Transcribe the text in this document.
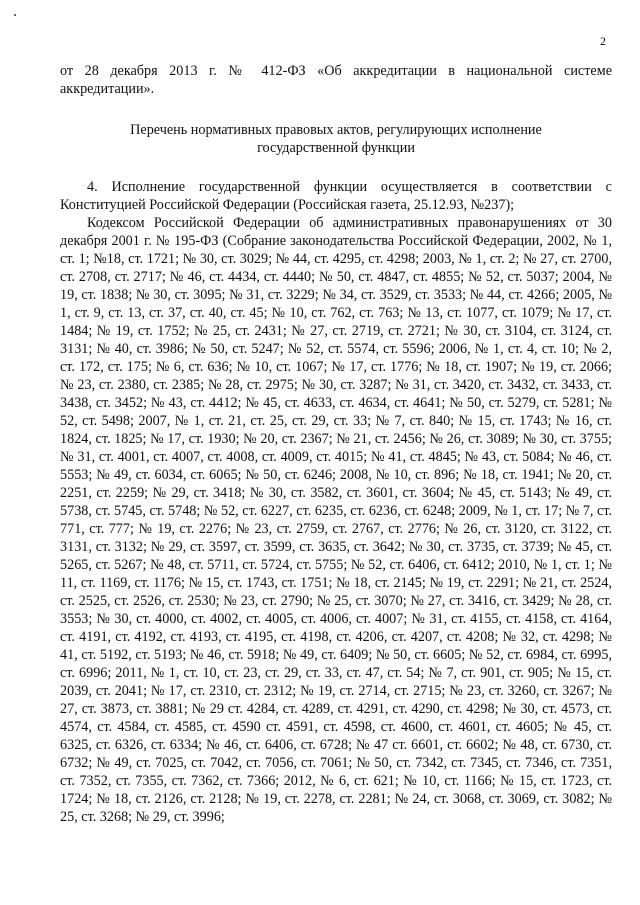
2

от 28 декабря 2013 г. № 412-ФЗ «Об аккредитации в национальной системе аккредитации».

Перечень нормативных правовых актов, регулирующих исполнение государственной функции

4. Исполнение государственной функции осуществляется в соответствии с Конституцией Российской Федерации (Российская газета, 25.12.93, №237);

Кодексом Российской Федерации об административных правонарушениях от 30 декабря 2001 г. № 195-ФЗ (Собрание законодательства Российской Федерации, 2002, № 1, ст. 1; №18, ст. 1721; № 30, ст. 3029; № 44, ст. 4295, ст. 4298; 2003, № 1, ст. 2; № 27, ст. 2700, ст. 2708, ст. 2717; № 46, ст. 4434, ст. 4440; № 50, ст. 4847, ст. 4855; № 52, ст. 5037; 2004, № 19, ст. 1838; № 30, ст. 3095; № 31, ст. 3229; № 34, ст. 3529, ст. 3533; № 44, ст. 4266; 2005, № 1, ст. 9, ст. 13, ст. 37, ст. 40, ст. 45; № 10, ст. 762, ст. 763; № 13, ст. 1077, ст. 1079; № 17, ст. 1484; № 19, ст. 1752; № 25, ст. 2431; № 27, ст. 2719, ст. 2721; № 30, ст. 3104, ст. 3124, ст. 3131; № 40, ст. 3986; № 50, ст. 5247; № 52, ст. 5574, ст. 5596; 2006, № 1, ст. 4, ст. 10; № 2, ст. 172, ст. 175; № 6, ст. 636; № 10, ст. 1067; № 17, ст. 1776; № 18, ст. 1907; № 19, ст. 2066; № 23, ст. 2380, ст. 2385; № 28, ст. 2975; № 30, ст. 3287; № 31, ст. 3420, ст. 3432, ст. 3433, ст. 3438, ст. 3452; № 43, ст. 4412; № 45, ст. 4633, ст. 4634, ст. 4641; № 50, ст. 5279, ст. 5281; № 52, ст. 5498; 2007, № 1, ст. 21, ст. 25, ст. 29, ст. 33; № 7, ст. 840; № 15, ст. 1743; № 16, ст. 1824, ст. 1825; № 17, ст. 1930; № 20, ст. 2367; № 21, ст. 2456; № 26, ст. 3089; № 30, ст. 3755; № 31, ст. 4001, ст. 4007, ст. 4008, ст. 4009, ст. 4015; № 41, ст. 4845; № 43, ст. 5084; № 46, ст. 5553; № 49, ст. 6034, ст. 6065; № 50, ст. 6246; 2008, № 10, ст. 896; № 18, ст. 1941; № 20, ст. 2251, ст. 2259; № 29, ст. 3418; № 30, ст. 3582, ст. 3601, ст. 3604; № 45, ст. 5143; № 49, ст. 5738, ст. 5745, ст. 5748; № 52, ст. 6227, ст. 6235, ст. 6236, ст. 6248; 2009, № 1, ст. 17; № 7, ст. 771, ст. 777; № 19, ст. 2276; № 23, ст. 2759, ст. 2767, ст. 2776; № 26, ст. 3120, ст. 3122, ст. 3131, ст. 3132; № 29, ст. 3597, ст. 3599, ст. 3635, ст. 3642; № 30, ст. 3735, ст. 3739; № 45, ст. 5265, ст. 5267; № 48, ст. 5711, ст. 5724, ст. 5755; № 52, ст. 6406, ст. 6412; 2010, № 1, ст. 1; № 11, ст. 1169, ст. 1176; № 15, ст. 1743, ст. 1751; № 18, ст. 2145; № 19, ст. 2291; № 21, ст. 2524, ст. 2525, ст. 2526, ст. 2530; № 23, ст. 2790; № 25, ст. 3070; № 27, ст. 3416, ст. 3429; № 28, ст. 3553; № 30, ст. 4000, ст. 4002, ст. 4005, ст. 4006, ст. 4007; № 31, ст. 4155, ст. 4158, ст. 4164, ст. 4191, ст. 4192, ст. 4193, ст. 4195, ст. 4198, ст. 4206, ст. 4207, ст. 4208; № 32, ст. 4298; № 41, ст. 5192, ст. 5193; № 46, ст. 5918; № 49, ст. 6409; № 50, ст. 6605; № 52, ст. 6984, ст. 6995, ст. 6996; 2011, № 1, ст. 10, ст. 23, ст. 29, ст. 33, ст. 47, ст. 54; № 7, ст. 901, ст. 905; № 15, ст. 2039, ст. 2041; № 17, ст. 2310, ст. 2312; № 19, ст. 2714, ст. 2715; № 23, ст. 3260, ст. 3267; № 27, ст. 3873, ст. 3881; № 29 ст. 4284, ст. 4289, ст. 4291, ст. 4290, ст. 4298; № 30, ст. 4573, ст. 4574, ст. 4584, ст. 4585, ст. 4590 ст. 4591, ст. 4598, ст. 4600, ст. 4601, ст. 4605; № 45, ст. 6325, ст. 6326, ст. 6334; № 46, ст. 6406, ст. 6728; № 47 ст. 6601, ст. 6602; № 48, ст. 6730, ст. 6732; № 49, ст. 7025, ст. 7042, ст. 7056, ст. 7061; № 50, ст. 7342, ст. 7345, ст. 7346, ст. 7351, ст. 7352, ст. 7355, ст. 7362, ст. 7366; 2012, № 6, ст. 621; № 10, ст. 1166; № 15, ст. 1723, ст. 1724; № 18, ст. 2126, ст. 2128; № 19, ст. 2278, ст. 2281; № 24, ст. 3068, ст. 3069, ст. 3082; № 25, ст. 3268; № 29, ст. 3996;
